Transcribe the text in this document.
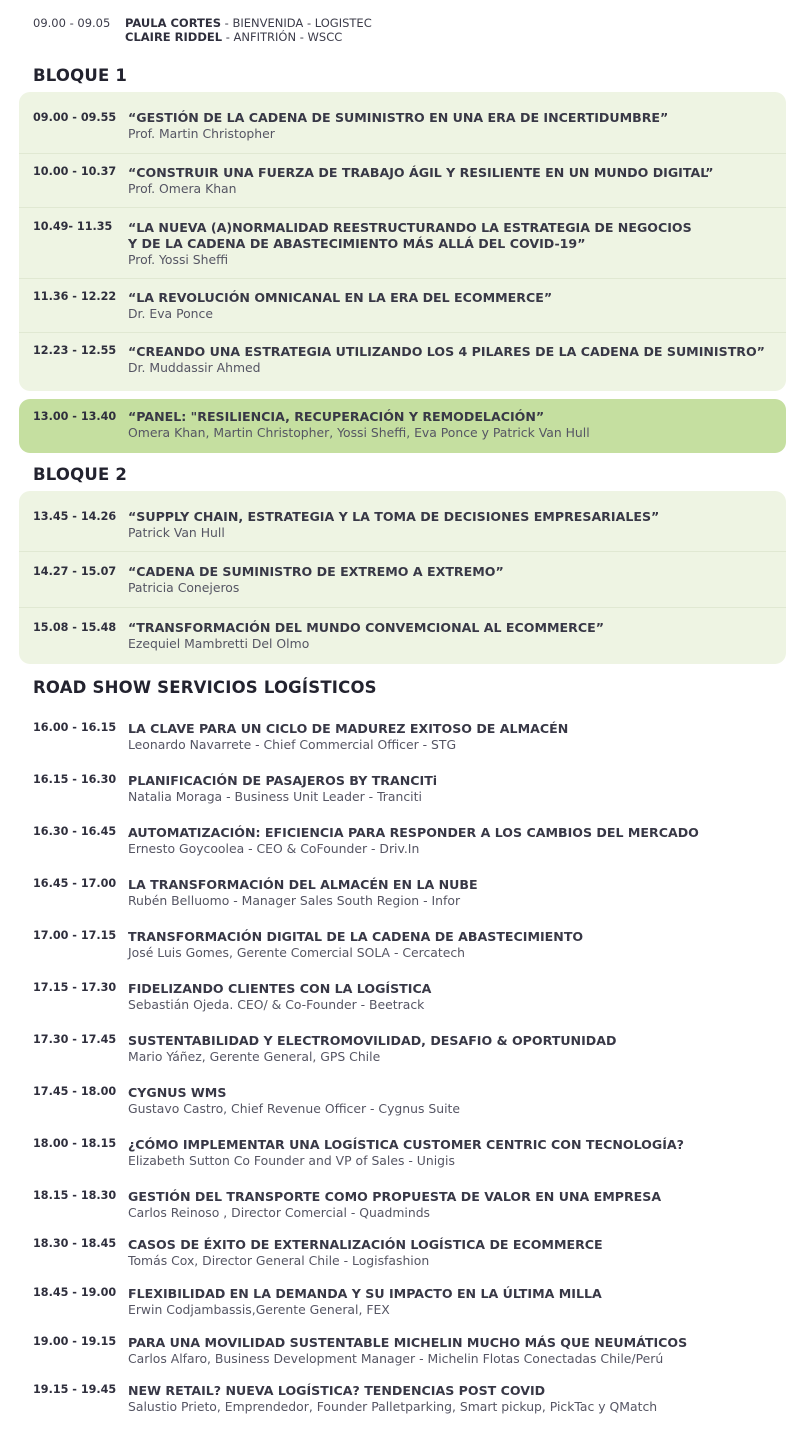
09.00 - 09.05	PAULA CORTES - BIENVENIDA - LOGISTEC
CLAIRE RIDDEL - ANFITRIÓN - WSCC
BLOQUE 1
09.00 - 09.55 “GESTIÓN DE LA CADENA DE SUMINISTRO EN UNA ERA DE INCERTIDUMBRE”
Prof. Martin Christopher
10.00 - 10.37 “CONSTRUIR UNA FUERZA DE TRABAJO ÁGIL Y RESILIENTE EN UN MUNDO DIGITAL”
Prof. Omera Khan
10.49- 11.35 “LA NUEVA (A)NORMALIDAD REESTRUCTURANDO LA ESTRATEGIA DE NEGOCIOS
Y DE LA CADENA DE ABASTECIMIENTO MÁS ALLÁ DEL COVID-19”
Prof. Yossi Sheffi
11.36 - 12.22 “LA REVOLUCIÓN OMNICANAL EN LA ERA DEL ECOMMERCE”
Dr. Eva Ponce
12.23 - 12.55 “CREANDO UNA ESTRATEGIA UTILIZANDO LOS 4 PILARES DE LA CADENA DE SUMINISTRO”
Dr. Muddassir Ahmed
13.00 - 13.40 “PANEL: "RESILIENCIA, RECUPERACIÓN Y REMODELACIÓN”
Omera Khan, Martin Christopher, Yossi Sheffi, Eva Ponce y Patrick Van Hull
BLOQUE 2
13.45 - 14.26 “SUPPLY CHAIN, ESTRATEGIA Y LA TOMA DE DECISIONES EMPRESARIALES”
Patrick Van Hull
14.27 - 15.07 “CADENA DE SUMINISTRO DE EXTREMO A EXTREMO”
Patricia Conejeros
15.08 - 15.48 “TRANSFORMACIÓN DEL MUNDO CONVEMCIONAL AL ECOMMERCE”
Ezequiel Mambretti Del Olmo
ROAD SHOW SERVICIOS LOGÍSTICOS
16.00 - 16.15 LA CLAVE PARA UN CICLO DE MADUREZ EXITOSO DE ALMACÉN
Leonardo Navarrete - Chief Commercial Officer - STG
16.15 - 16.30 PLANIFICACIÓN DE PASAJEROS BY TRANCITi
Natalia Moraga - Business Unit Leader - Tranciti
16.30 - 16.45 AUTOMATIZACIÓN: EFICIENCIA PARA RESPONDER A LOS CAMBIOS DEL MERCADO
Ernesto Goycoolea - CEO & CoFounder - Driv.In
16.45 - 17.00 LA TRANSFORMACIÓN DEL ALMACÉN EN LA NUBE
Rubén Belluomo - Manager Sales South Region - Infor
17.00 - 17.15 TRANSFORMACIÓN DIGITAL DE LA CADENA DE ABASTECIMIENTO
José Luis Gomes, Gerente Comercial SOLA - Cercatech
17.15 - 17.30 FIDELIZANDO CLIENTES CON LA LOGÍSTICA
Sebastián Ojeda. CEO/ & Co-Founder - Beetrack
17.30 - 17.45 SUSTENTABILIDAD Y ELECTROMOVILIDAD, DESAFIO & OPORTUNIDAD
Mario Yáñez, Gerente General, GPS Chile
17.45 - 18.00 CYGNUS WMS
Gustavo Castro, Chief Revenue Officer - Cygnus Suite
18.00 - 18.15 ¿CÓMO IMPLEMENTAR UNA LOGÍSTICA CUSTOMER CENTRIC CON TECNOLOGÍA?
Elizabeth Sutton Co Founder and VP of Sales - Unigis
18.15 - 18.30 GESTIÓN DEL TRANSPORTE COMO PROPUESTA DE VALOR EN UNA EMPRESA
Carlos Reinoso , Director Comercial - Quadminds
18.30 - 18.45 CASOS DE ÉXITO DE EXTERNALIZACIÓN LOGÍSTICA DE ECOMMERCE
Tomás Cox, Director General Chile - Logisfashion
18.45 - 19.00 FLEXIBILIDAD EN LA DEMANDA Y SU IMPACTO EN LA ÚLTIMA MILLA
Erwin Codjambassis,Gerente General, FEX
19.00 - 19.15 PARA UNA MOVILIDAD SUSTENTABLE MICHELIN MUCHO MÁS QUE NEUMÁTICOS
Carlos Alfaro, Business Development Manager - Michelin Flotas Conectadas Chile/Perú
19.15 - 19.45 NEW RETAIL? NUEVA LOGÍSTICA? TENDENCIAS POST COVID
Salustio Prieto, Emprendedor, Founder Palletparking, Smart pickup, PickTac y QMatch
